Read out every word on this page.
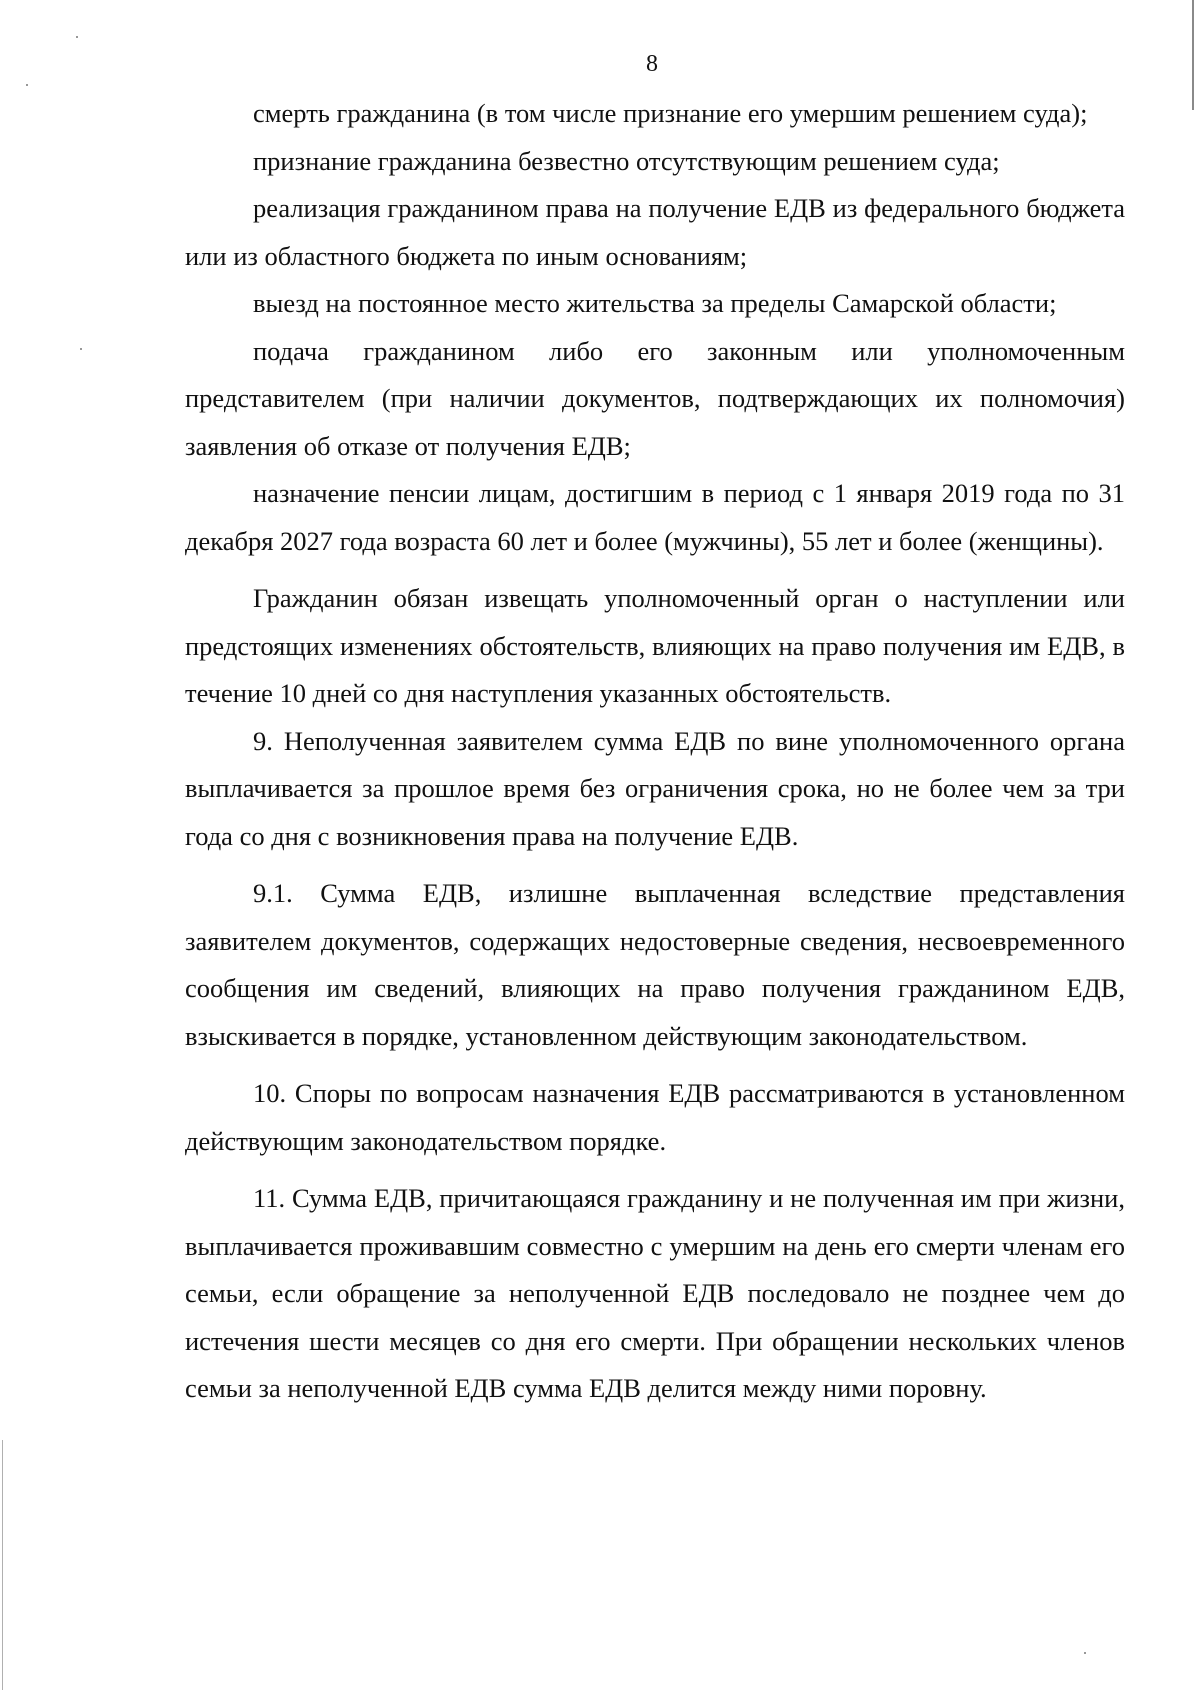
8

смерть гражданина (в том числе признание его умершим решением суда);

признание гражданина безвестно отсутствующим решением суда;

реализация гражданином права на получение ЕДВ из федерального бюджета или из областного бюджета по иным основаниям;

выезд на постоянное место жительства за пределы Самарской области;

подача гражданином либо его законным или уполномоченным представителем (при наличии документов, подтверждающих их полномочия) заявления об отказе от получения ЕДВ;

назначение пенсии лицам, достигшим в период с 1 января 2019 года по 31 декабря 2027 года возраста 60 лет и более (мужчины), 55 лет и более (женщины).

Гражданин обязан извещать уполномоченный орган о наступлении или предстоящих изменениях обстоятельств, влияющих на право получения им ЕДВ, в течение 10 дней со дня наступления указанных обстоятельств.

9. Неполученная заявителем сумма ЕДВ по вине уполномоченного органа выплачивается за прошлое время без ограничения срока, но не более чем за три года со дня с возникновения права на получение ЕДВ.

9.1. Сумма ЕДВ, излишне выплаченная вследствие представления заявителем документов, содержащих недостоверные сведения, несвоевременного сообщения им сведений, влияющих на право получения гражданином ЕДВ, взыскивается в порядке, установленном действующим законодательством.

10. Споры по вопросам назначения ЕДВ рассматриваются в установленном действующим законодательством порядке.

11. Сумма ЕДВ, причитающаяся гражданину и не полученная им при жизни, выплачивается проживавшим совместно с умершим на день его смерти членам его семьи, если обращение за неполученной ЕДВ последовало не позднее чем до истечения шести месяцев со дня его смерти. При обращении нескольких членов семьи за неполученной ЕДВ сумма ЕДВ делится между ними поровну.
